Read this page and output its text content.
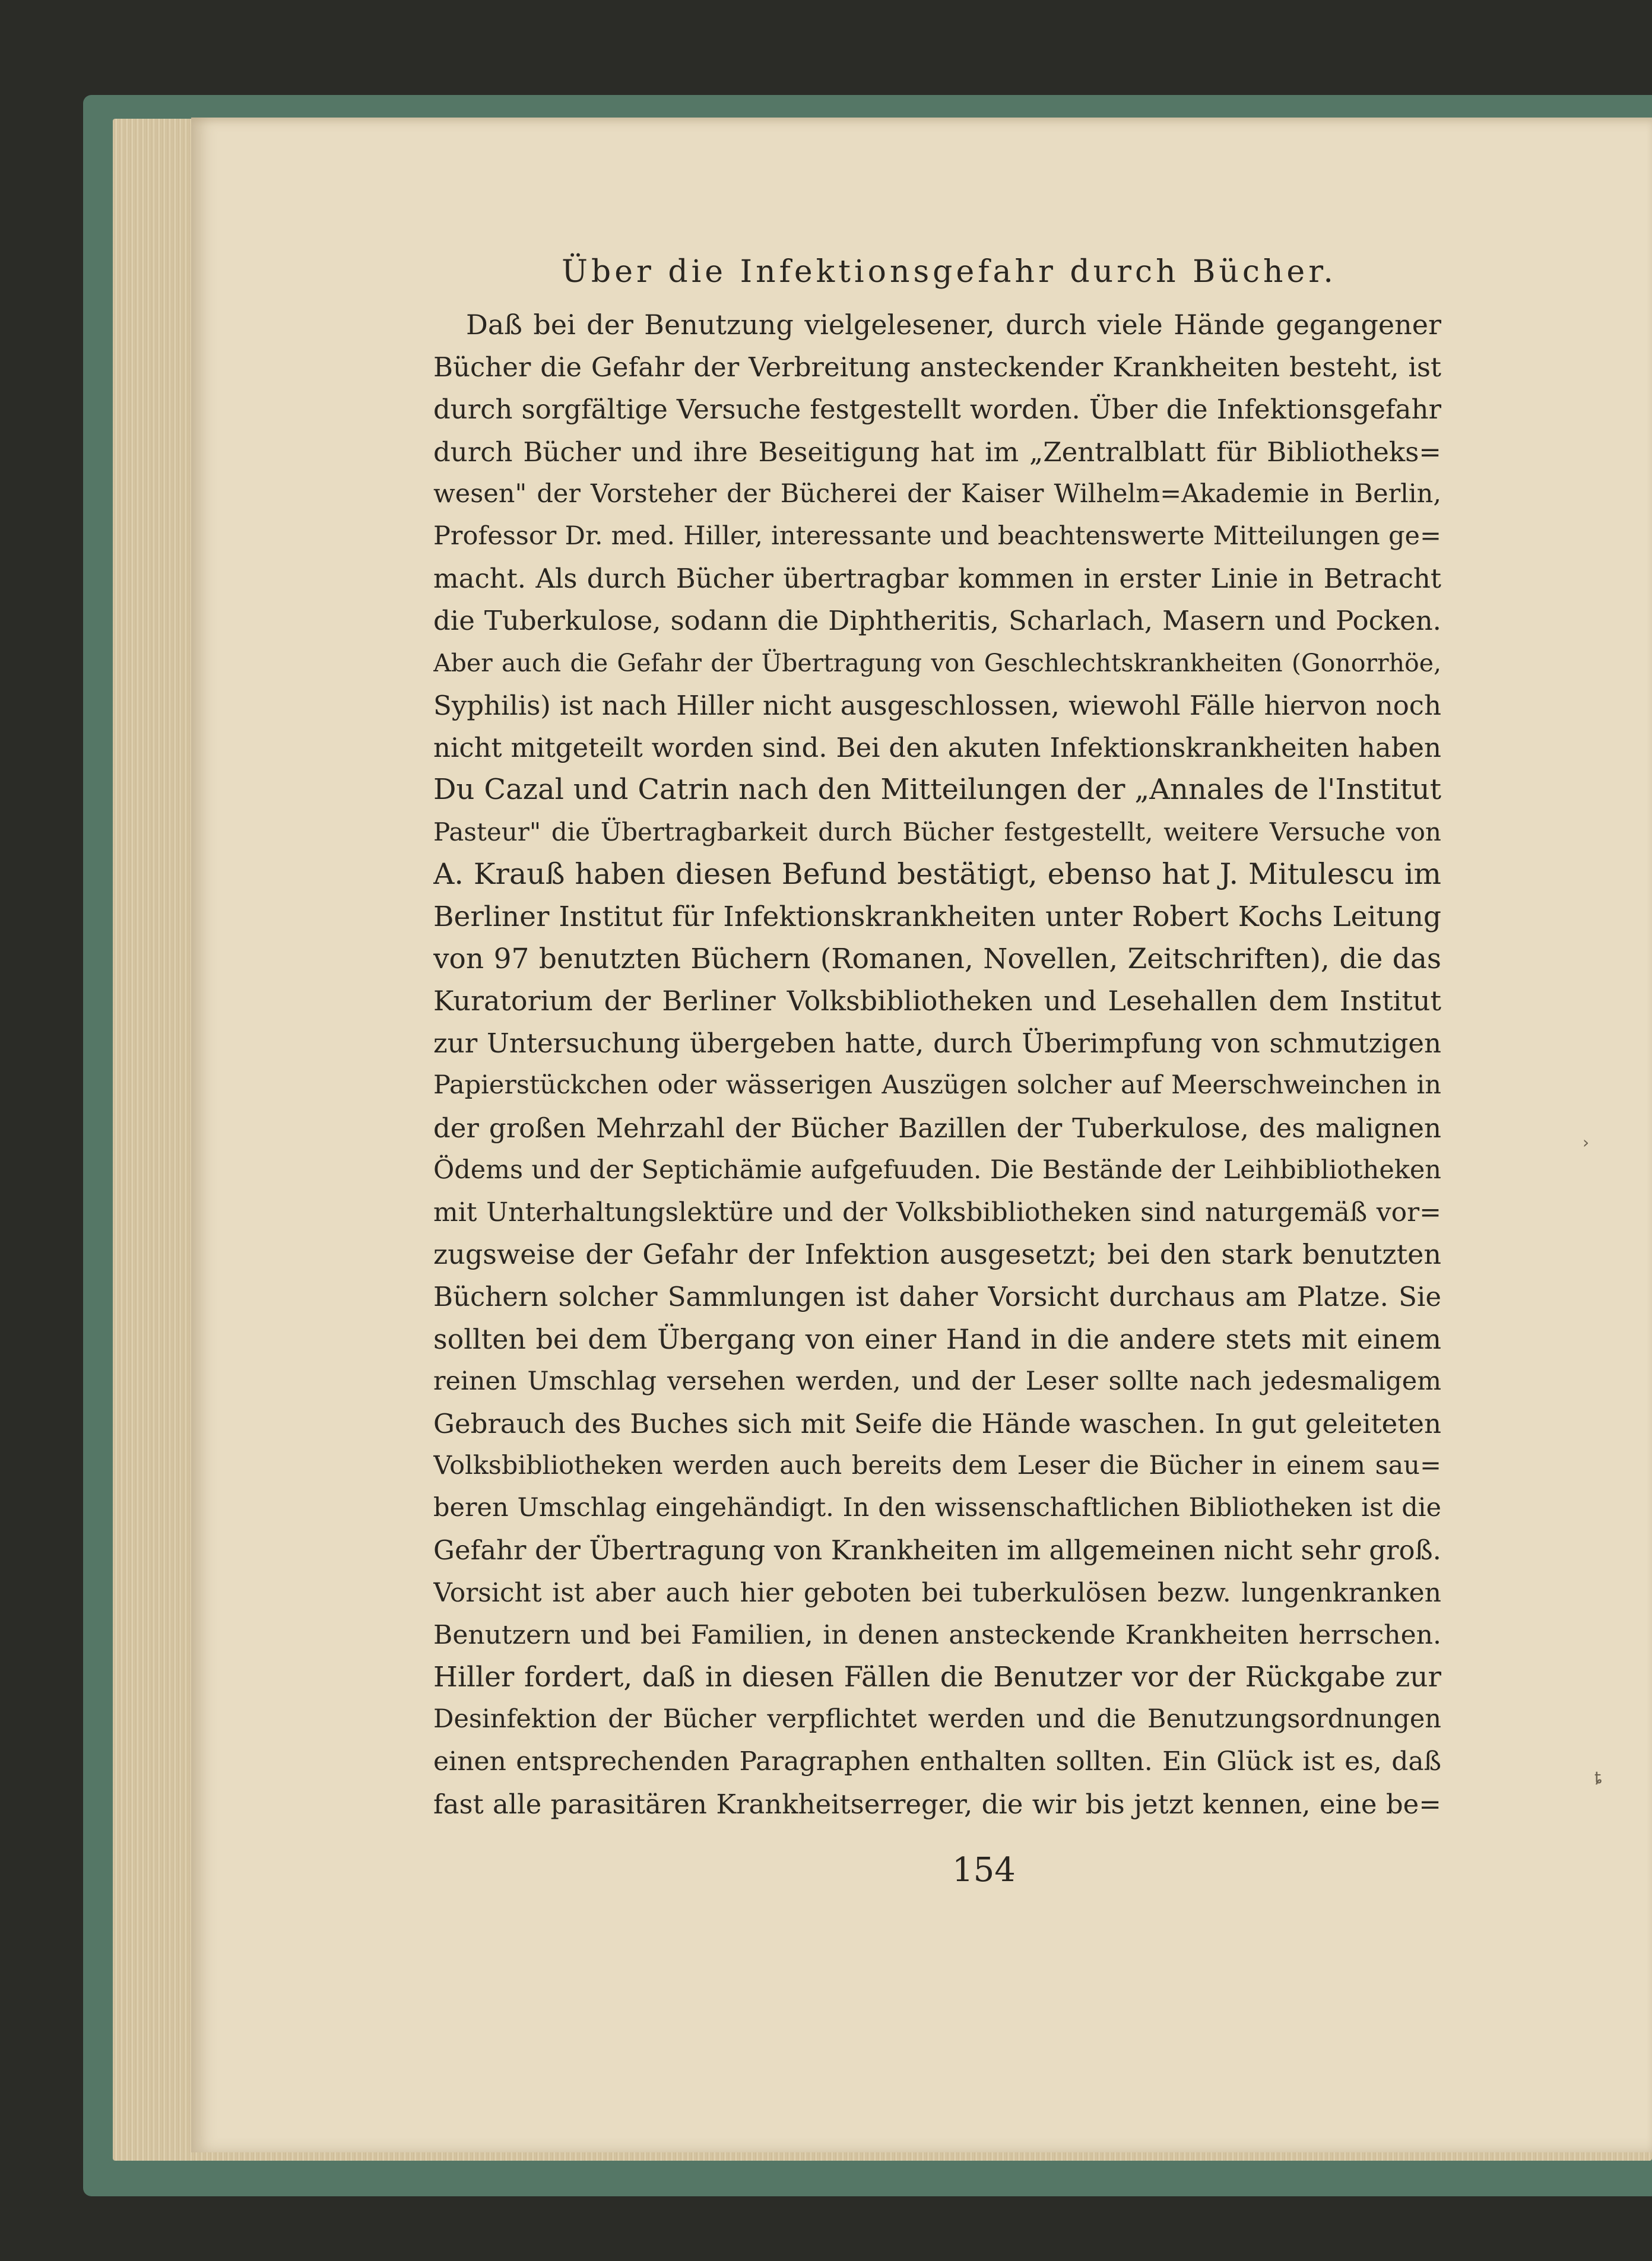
Über die Infektionsgefahr durch Bücher.
Daß bei der Benutzung vielgelesener, durch viele Hände gegangener
Bücher die Gefahr der Verbreitung ansteckender Krankheiten besteht, ist
durch sorgfältige Versuche festgestellt worden. Über die Infektionsgefahr
durch Bücher und ihre Beseitigung hat im „Zentralblatt für Bibliotheks=
wesen" der Vorsteher der Bücherei der Kaiser Wilhelm=Akademie in Berlin,
Professor Dr. med. Hiller, interessante und beachtenswerte Mitteilungen ge=
macht. Als durch Bücher übertragbar kommen in erster Linie in Betracht
die Tuberkulose, sodann die Diphtheritis, Scharlach, Masern und Pocken.
Aber auch die Gefahr der Übertragung von Geschlechtskrankheiten (Gonorrhöe,
Syphilis) ist nach Hiller nicht ausgeschlossen, wiewohl Fälle hiervon noch
nicht mitgeteilt worden sind. Bei den akuten Infektionskrankheiten haben
Du Cazal und Catrin nach den Mitteilungen der „Annales de l'Institut
Pasteur" die Übertragbarkeit durch Bücher festgestellt, weitere Versuche von
A. Krauß haben diesen Befund bestätigt, ebenso hat J. Mitulescu im
Berliner Institut für Infektionskrankheiten unter Robert Kochs Leitung
von 97 benutzten Büchern (Romanen, Novellen, Zeitschriften), die das
Kuratorium der Berliner Volksbibliotheken und Lesehallen dem Institut
zur Untersuchung übergeben hatte, durch Überimpfung von schmutzigen
Papierstückchen oder wässerigen Auszügen solcher auf Meerschweinchen in
der großen Mehrzahl der Bücher Bazillen der Tuberkulose, des malignen
Ödems und der Septichämie aufgefuuden. Die Bestände der Leihbibliotheken
mit Unterhaltungslektüre und der Volksbibliotheken sind naturgemäß vor=
zugsweise der Gefahr der Infektion ausgesetzt; bei den stark benutzten
Büchern solcher Sammlungen ist daher Vorsicht durchaus am Platze. Sie
sollten bei dem Übergang von einer Hand in die andere stets mit einem
reinen Umschlag versehen werden, und der Leser sollte nach jedesmaligem
Gebrauch des Buches sich mit Seife die Hände waschen. In gut geleiteten
Volksbibliotheken werden auch bereits dem Leser die Bücher in einem sau=
beren Umschlag eingehändigt. In den wissenschaftlichen Bibliotheken ist die
Gefahr der Übertragung von Krankheiten im allgemeinen nicht sehr groß.
Vorsicht ist aber auch hier geboten bei tuberkulösen bezw. lungenkranken
Benutzern und bei Familien, in denen ansteckende Krankheiten herrschen.
Hiller fordert, daß in diesen Fällen die Benutzer vor der Rückgabe zur
Desinfektion der Bücher verpflichtet werden und die Benutzungsordnungen
einen entsprechenden Paragraphen enthalten sollten. Ein Glück ist es, daß
fast alle parasitären Krankheitserreger, die wir bis jetzt kennen, eine be=
154
›
ȶ
